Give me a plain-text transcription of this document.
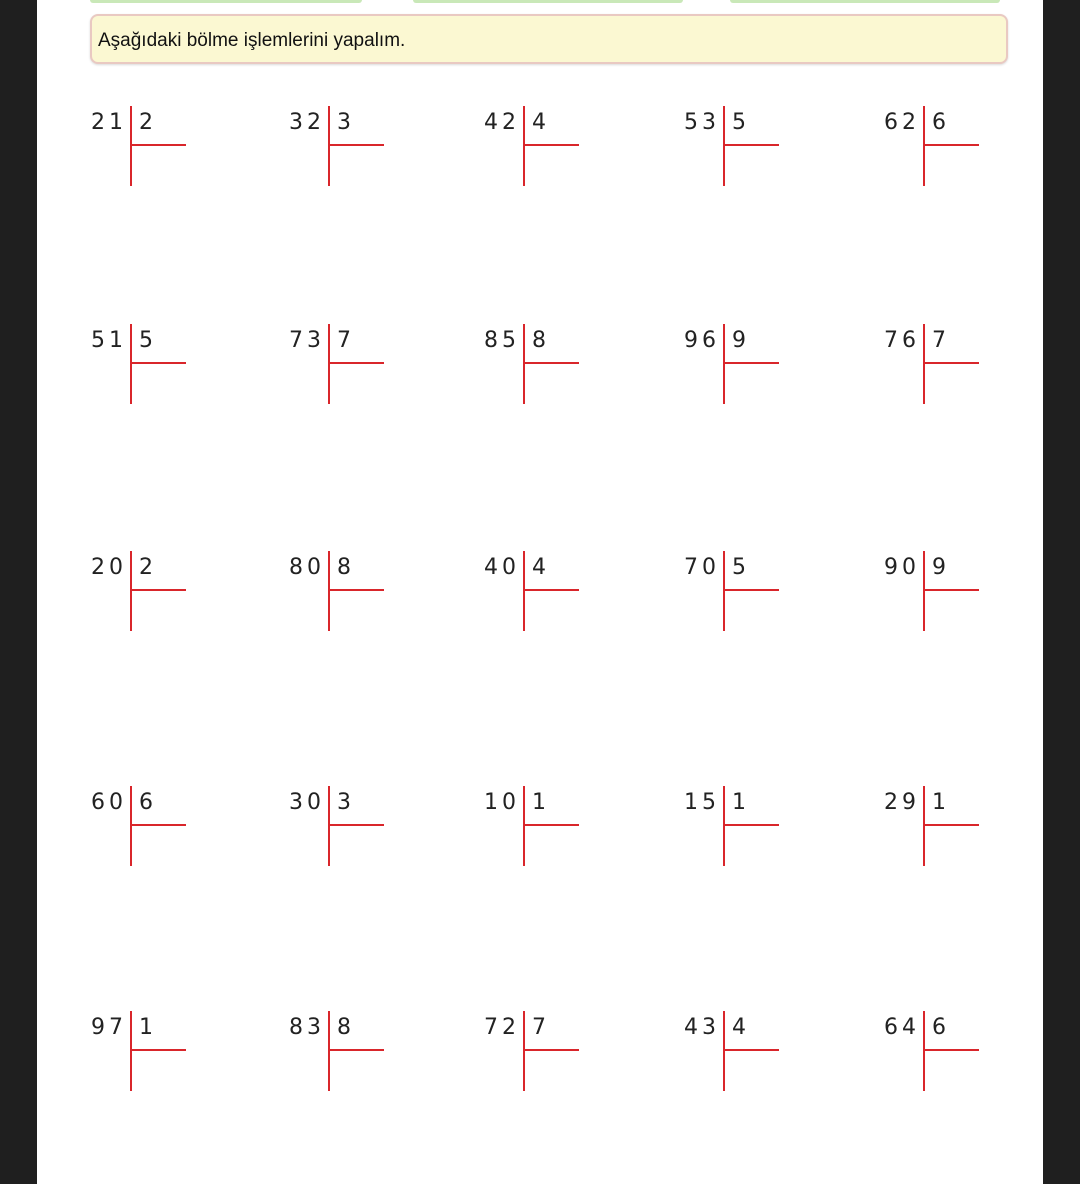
Aşağıdaki bölme işlemlerini yapalım.
21 2	32 3	42 4	53 5	62 6
51 5	73 7	85 8	96 9	76 7
20 2	80 8	40 4	70 5	90 9
60 6	30 3	10 1	15 1	29 1
97 1	83 8	72 7	43 4	64 6
